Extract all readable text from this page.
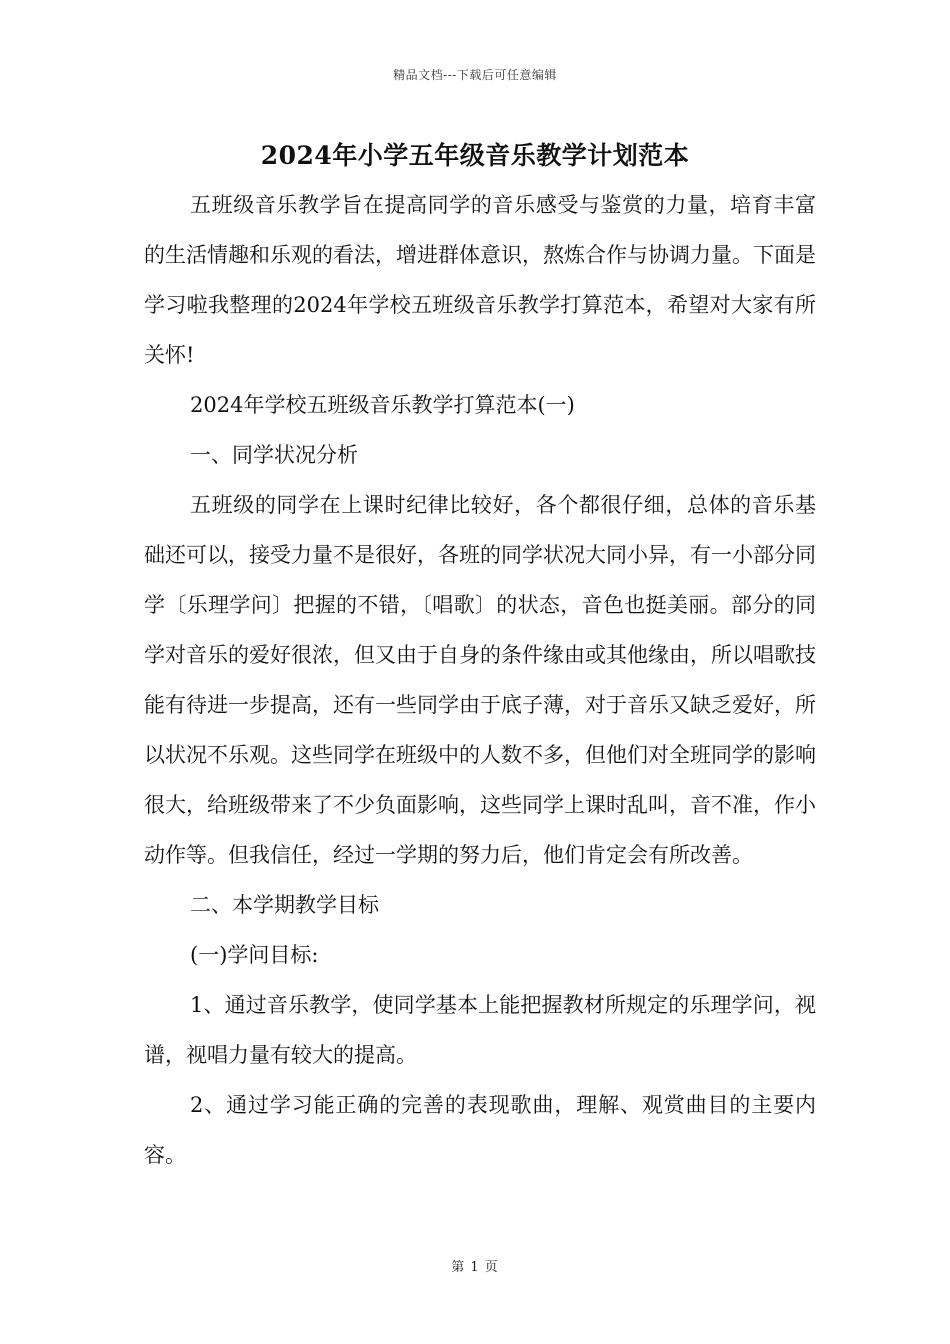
精品文档---下载后可任意编辑
2024年小学五年级音乐教学计划范本

五班级音乐教学旨在提高同学的音乐感受与鉴赏的力量，培育丰富的生活情趣和乐观的看法，增进群体意识，熬炼合作与协调力量。下面是学习啦我整理的2024年学校五班级音乐教学打算范本，希望对大家有所关怀!

2024年学校五班级音乐教学打算范本(一)

一、同学状况分析

五班级的同学在上课时纪律比较好，各个都很仔细，总体的音乐基础还可以，接受力量不是很好，各班的同学状况大同小异，有一小部分同学〔乐理学问〕把握的不错，〔唱歌〕的状态，音色也挺美丽。部分的同学对音乐的爱好很浓，但又由于自身的条件缘由或其他缘由，所以唱歌技能有待进一步提高，还有一些同学由于底子薄，对于音乐又缺乏爱好，所以状况不乐观。这些同学在班级中的人数不多，但他们对全班同学的影响很大，给班级带来了不少负面影响，这些同学上课时乱叫，音不准，作小动作等。但我信任，经过一学期的努力后，他们肯定会有所改善。

二、本学期教学目标

(一)学问目标:

1、通过音乐教学，使同学基本上能把握教材所规定的乐理学问，视谱，视唱力量有较大的提高。

2、通过学习能正确的完善的表现歌曲，理解、观赏曲目的主要内容。

第 1 页
